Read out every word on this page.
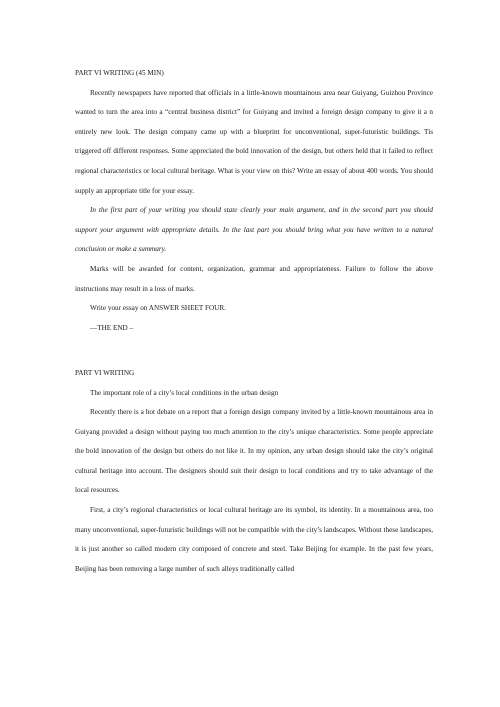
PART VI WRITING (45 MIN)

Recently newspapers have reported that officials in a little-known mountainous area near Guiyang, Guizhou Province wanted to turn the area into a “central business district” for Guiyang and invited a foreign design company to give it a n entirely new look. The design company came up with a blueprint for unconventional, super-futuristic buildings. Tis triggered off different responses. Some appreciated the bold innovation of the design, but others held that it failed to reflect regional characteristics or local cultural heritage. What is your view on this? Write an essay of about 400 words. You should supply an appropriate title for your essay.

In the first part of your writing you should state clearly your main argument, and in the second part you should support your argument with appropriate details. In the last part you should bring what you have written to a natural conclusion or make a summary.

Marks will be awarded for content, organization, grammar and appropriateness. Failure to follow the above instructions may result in a loss of marks.

Write your essay on ANSWER SHEET FOUR.

—THE END –

PART VI WRITING

The important role of a city’s local conditions in the urban design

Recently there is a hot debate on a report that a foreign design company invited by a little-known mountainous area in Guiyang provided a design without paying too much attention to the city’s unique characteristics. Some people appreciate the bold innovation of the design but others do not like it. In my opinion, any urban design should take the city’s original cultural heritage into account. The designers should suit their design to local conditions and try to take advantage of the local resources.

First, a city’s regional characteristics or local cultural heritage are its symbol, its identity. In a mountainous area, too many unconventional, super-futuristic buildings will not be compatible with the city’s landscapes. Without these landscapes, it is just another so called modern city composed of concrete and steel. Take Beijing for example. In the past few years, Beijing has been removing a large number of such alleys traditionally called
